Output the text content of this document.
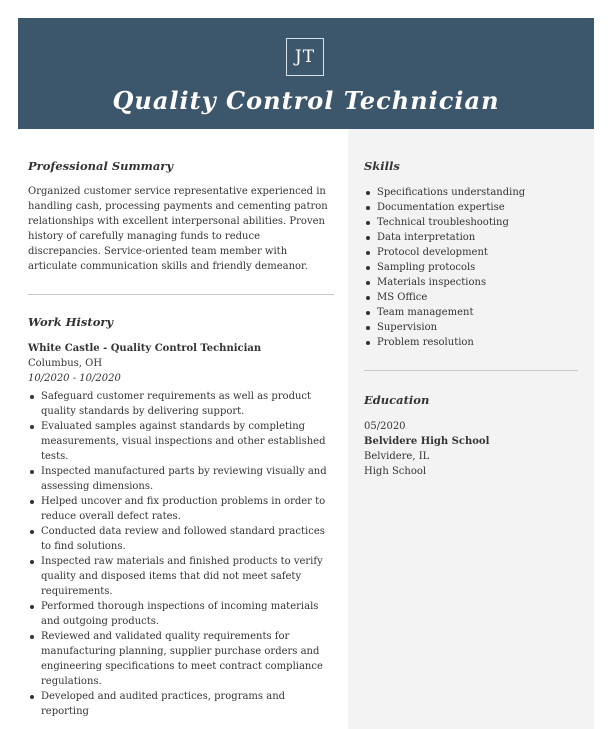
JT
Quality Control Technician
Professional Summary

Organized customer service representative experienced in handling cash, processing payments and cementing patron relationships with excellent interpersonal abilities. Proven history of carefully managing funds to reduce discrepancies. Service-oriented team member with articulate communication skills and friendly demeanor.

Work History
White Castle - Quality Control Technician
Columbus, OH
10/2020 - 10/2020
Safeguard customer requirements as well as product quality standards by delivering support.
Evaluated samples against standards by completing measurements, visual inspections and other established tests.
Inspected manufactured parts by reviewing visually and assessing dimensions.
Helped uncover and fix production problems in order to reduce overall defect rates.
Conducted data review and followed standard practices to find solutions.
Inspected raw materials and finished products to verify quality and disposed items that did not meet safety requirements.
Performed thorough inspections of incoming materials and outgoing products.
Reviewed and validated quality requirements for manufacturing planning, supplier purchase orders and engineering specifications to meet contract compliance regulations.
Developed and audited practices, programs and reporting
Skills
Specifications understanding
Documentation expertise
Technical troubleshooting
Data interpretation
Protocol development
Sampling protocols
Materials inspections
MS Office
Team management
Supervision
Problem resolution
Education
05/2020
Belvidere High School
Belvidere, IL
High School
